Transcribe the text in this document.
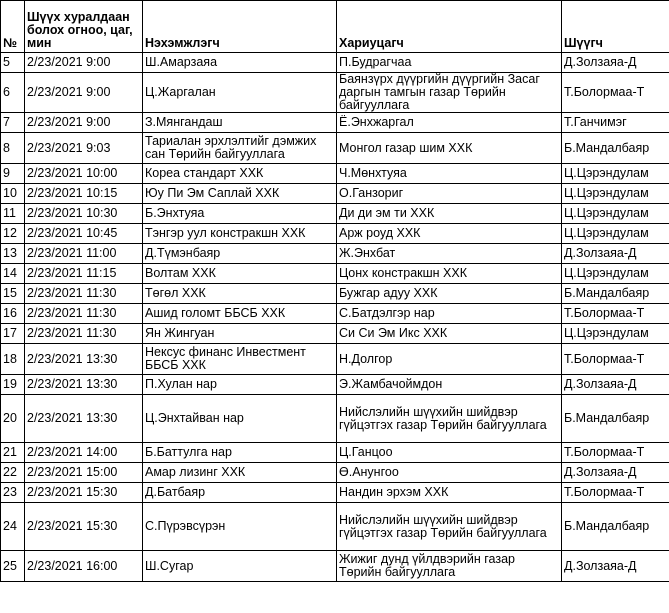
№	Шүүх хуралдаан болох огноо, цаг, мин	Нэхэмжлэгч	Хариуцагч	Шүүгч
5	2/23/2021 9:00	Ш.Амарзаяа	П.Будрагчаа	Д.Золзаяа-Д
6	2/23/2021 9:00	Ц.Жаргалан	Баянзүрх дүүргийн дүүргийн Засаг даргын тамгын газар Төрийн байгууллага	Т.Болормаа-Т
7	2/23/2021 9:00	З.Мянгандаш	Ё.Энхжаргал	Т.Ганчимэг
8	2/23/2021 9:03	Тариалан эрхлэлтийг дэмжих сан Төрийн байгууллага	Монгол газар шим ХХК	Б.Мандалбаяр
9	2/23/2021 10:00	Кореа стандарт ХХК	Ч.Мөнхтуяа	Ц.Цэрэндулам
10	2/23/2021 10:15	Юу Пи Эм Саплай ХХК	О.Ганзориг	Ц.Цэрэндулам
11	2/23/2021 10:30	Б.Энхтуяа	Ди ди эм ти ХХК	Ц.Цэрэндулам
12	2/23/2021 10:45	Тэнгэр уул констракшн ХХК	Арж роуд ХХК	Ц.Цэрэндулам
13	2/23/2021 11:00	Д.Түмэнбаяр	Ж.Энхбат	Д.Золзаяа-Д
14	2/23/2021 11:15	Волтам ХХК	Цонх констракшн ХХК	Ц.Цэрэндулам
15	2/23/2021 11:30	Төгөл ХХК	Бужгар адуу ХХК	Б.Мандалбаяр
16	2/23/2021 11:30	Ашид голомт ББСБ ХХК	С.Батдэлгэр нар	Т.Болормаа-Т
17	2/23/2021 11:30	Ян Жингуан	Си Си Эм Икс ХХК	Ц.Цэрэндулам
18	2/23/2021 13:30	Нексус финанс Инвестмент ББСБ ХХК	Н.Долгор	Т.Болормаа-Т
19	2/23/2021 13:30	П.Хулан нар	Э.Жамбачоймдон	Д.Золзаяа-Д
20	2/23/2021 13:30	Ц.Энхтайван нар	Нийслэлийн шүүхийн шийдвэр гүйцэтгэх газар Төрийн байгууллага	Б.Мандалбаяр
21	2/23/2021 14:00	Б.Баттулга нар	Ц.Ганцоо	Т.Болормаа-Т
22	2/23/2021 15:00	Амар лизинг ХХК	Ө.Анунгоо	Д.Золзаяа-Д
23	2/23/2021 15:30	Д.Батбаяр	Нандин эрхэм ХХК	Т.Болормаа-Т
24	2/23/2021 15:30	С.Пүрэвсүрэн	Нийслэлийн шүүхийн шийдвэр гүйцэтгэх газар Төрийн байгууллага	Б.Мандалбаяр
25	2/23/2021 16:00	Ш.Сугар	Жижиг дунд үйлдвэрийн газар Төрийн байгууллага	Д.Золзаяа-Д
